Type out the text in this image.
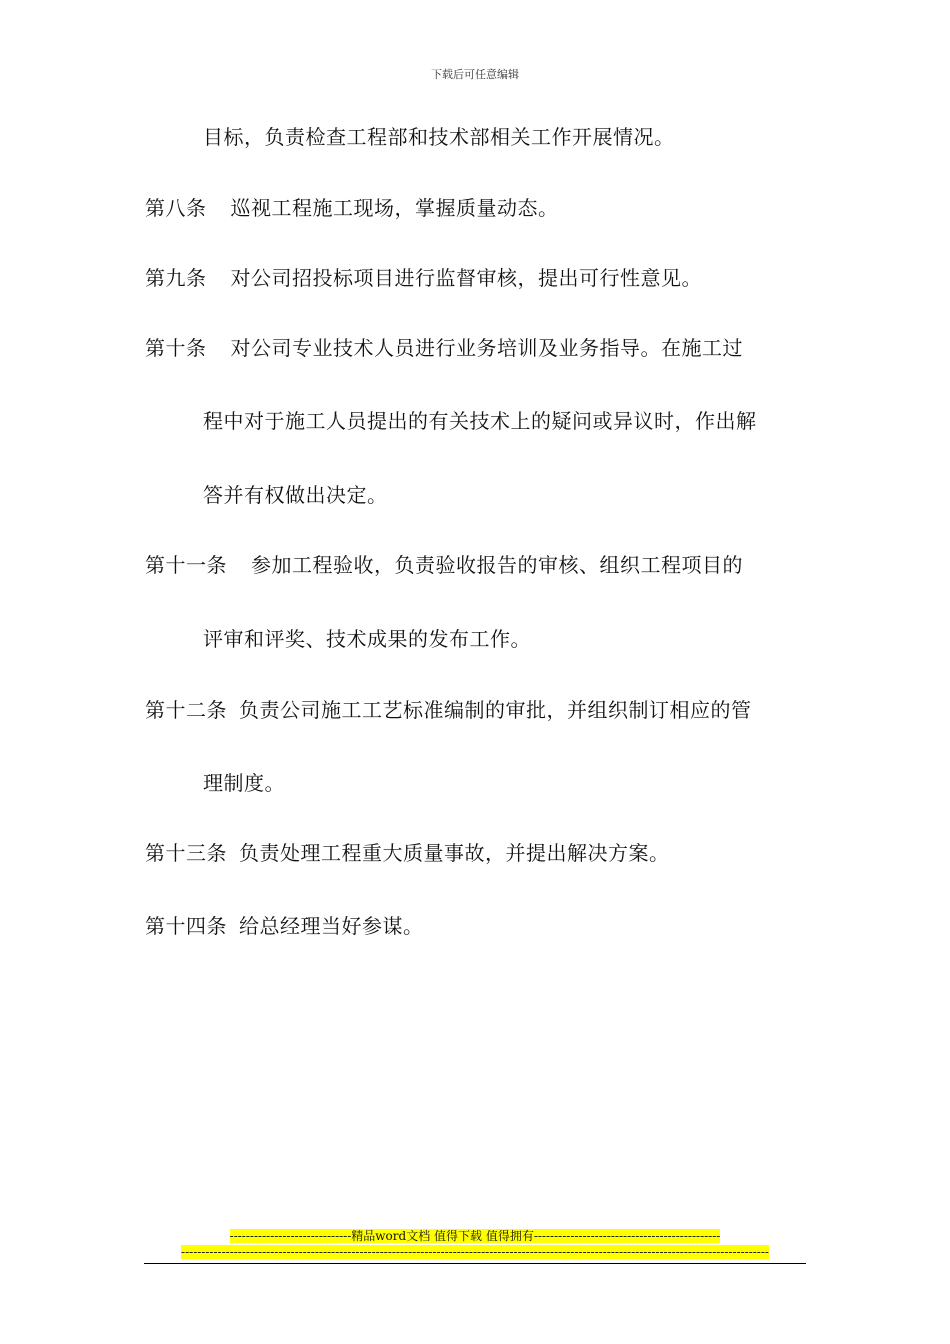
下载后可任意编辑
目标，负责检查工程部和技术部相关工作开展情况。
第八条 巡视工程施工现场，掌握质量动态。
第九条 对公司招投标项目进行监督审核，提出可行性意见。
第十条 对公司专业技术人员进行业务培训及业务指导。在施工过
程中对于施工人员提出的有关技术上的疑问或异议时，作出解
答并有权做出决定。
第十一条 参加工程验收，负责验收报告的审核、组织工程项目的
评审和评奖、技术成果的发布工作。
第十二条 负责公司施工工艺标准编制的审批，并组织制订相应的管
理制度。
第十三条 负责处理工程重大质量事故，并提出解决方案。
第十四条 给总经理当好参谋。
------------------------------精品word文档 值得下载 值得拥有----------------------------------------------
-------------------------------------------------------------------------------------------------------------------------------------------------
